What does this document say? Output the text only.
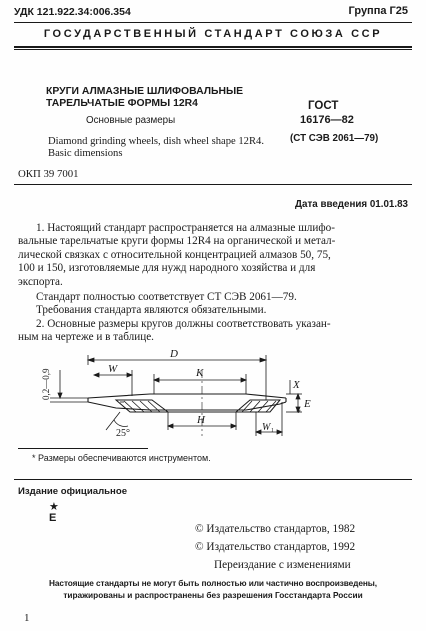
УДК 121.922.34:006.354	Группа Г25
ГОСУДАРСТВЕННЫЙ СТАНДАРТ СОЮЗА ССР
КРУГИ АЛМАЗНЫЕ ШЛИФОВАЛЬНЫЕ
ТАРЕЛЬЧАТЫЕ ФОРМЫ 12R4
Основные размеры
Diamond grinding wheels, dish wheel shape 12R4.
Basic dimensions
ГОСТ
16176—82
(СТ СЭВ 2061—79)
ОКП 39 7001
Дата введения 01.01.83

1. Настоящий стандарт распространяется на алмазные шлифо-

вальные тарельчатые круги формы 12R4 на органической и метал-

лической связках с относительной концентрацией алмазов 50, 75,

100 и 150, изготовляемые для нужд народного хозяйства и для

экспорта.

Стандарт полностью соответствует СТ СЭВ 2061—79.

Требования стандарта являются обязательными.

2. Основные размеры кругов должны соответствовать указан-

ным на чертеже и в таблице.

D
W	K
H
E
X
W₁
25°
*
0,2—0,9
* Размеры обеспечиваются инструментом.
Издание официальное
★
Е
© Издательство стандартов, 1982
© Издательство стандартов, 1992
Переиздание с изменениями
Настоящие стандарты не могут быть полностью или частично воспроизведены,
тиражированы и распространены без разрешения Госстандарта России
1
